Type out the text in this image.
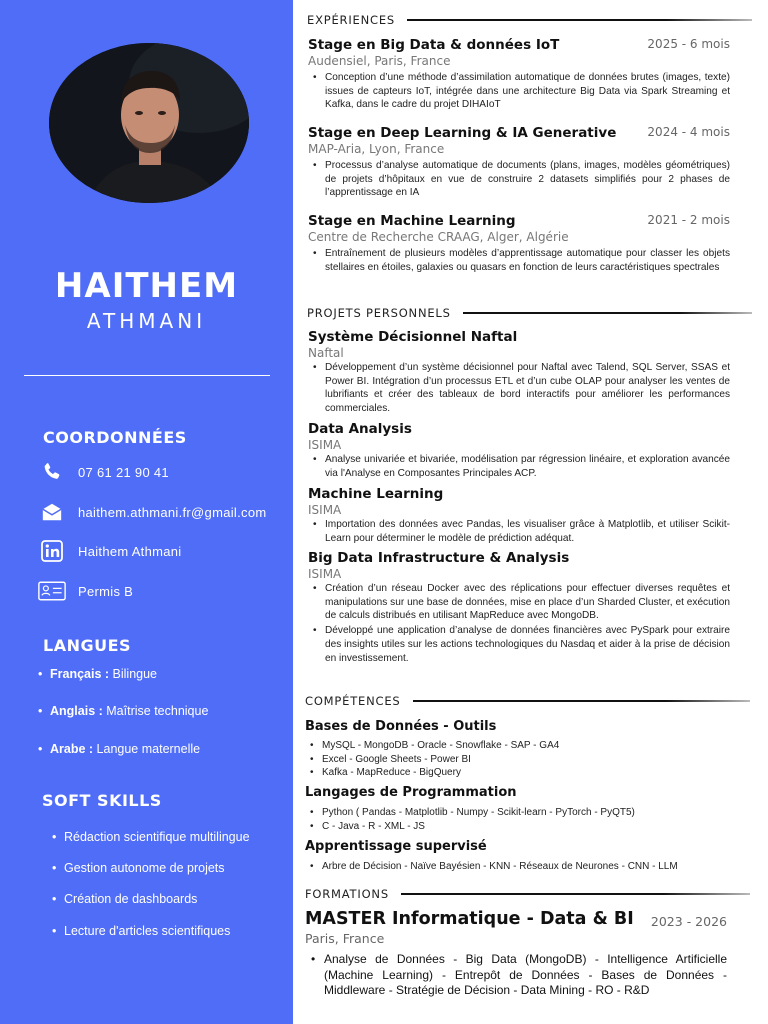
HAITHEM
ATHMANI
COORDONNÉES
07 61 21 90 41
haithem.athmani.fr@gmail.com
Haithem Athmani
Permis B
LANGUES
• Français : Bilingue
• Anglais : Maîtrise technique
• Arabe : Langue maternelle
SOFT SKILLS
• Rédaction scientifique multilingue
• Gestion autonome de projets
• Création de dashboards
• Lecture d'articles scientifiques
EXPÉRIENCES
Stage en Big Data & données IoT	2025 - 6 mois
Audensiel, Paris, France
• Conception d’une méthode d’assimilation automatique de données brutes (images, texte) issues de capteurs IoT, intégrée dans une architecture Big Data via Spark Streaming et Kafka, dans le cadre du projet DIHAIoT
Stage en Deep Learning & IA Generative	2024 - 4 mois
MAP-Aria, Lyon, France
• Processus d’analyse automatique de documents (plans, images, modèles géométriques) de projets d’hôpitaux en vue de construire 2 datasets simplifiés pour 2 phases de l’apprentissage en IA
Stage en Machine Learning	2021 - 2 mois
Centre de Recherche CRAAG, Alger, Algérie
• Entraînement de plusieurs modèles d’apprentissage automatique pour classer les objets stellaires en étoiles, galaxies ou quasars en fonction de leurs caractéristiques spectrales
PROJETS PERSONNELS
Système Décisionnel Naftal
Naftal
• Développement d’un système décisionnel pour Naftal avec Talend, SQL Server, SSAS et Power BI. Intégration d’un processus ETL et d’un cube OLAP pour analyser les ventes de lubrifiants et créer des tableaux de bord interactifs pour améliorer les performances commerciales.
Data Analysis
ISIMA
• Analyse univariée et bivariée, modélisation par régression linéaire, et exploration avancée via l'Analyse en Composantes Principales ACP.
Machine Learning
ISIMA
• Importation des données avec Pandas, les visualiser grâce à Matplotlib, et utiliser Scikit-Learn pour déterminer le modèle de prédiction adéquat.
Big Data Infrastructure & Analysis
ISIMA
• Création d’un réseau Docker avec des réplications pour effectuer diverses requêtes et manipulations sur une base de données, mise en place d’un Sharded Cluster, et exécution de calculs distribués en utilisant MapReduce avec MongoDB.
• Développé une application d’analyse de données financières avec PySpark pour extraire des insights utiles sur les actions technologiques du Nasdaq et aider à la prise de décision en investissement.
COMPÉTENCES
Bases de Données - Outils
• MySQL - MongoDB - Oracle - Snowflake - SAP - GA4
• Excel - Google Sheets - Power BI
• Kafka - MapReduce - BigQuery
Langages de Programmation
• Python ( Pandas - Matplotlib - Numpy - Scikit-learn - PyTorch - PyQT5)
• C - Java - R - XML - JS
Apprentissage supervisé
• Arbre de Décision - Naïve Bayésien - KNN - Réseaux de Neurones - CNN - LLM
FORMATIONS
MASTER Informatique - Data & BI	2023 - 2026
Paris, France
• Analyse de Données - Big Data (MongoDB) - Intelligence Artificielle (Machine Learning) - Entrepôt de Données - Bases de Données - Middleware - Stratégie de Décision - Data Mining - RO - R&D
